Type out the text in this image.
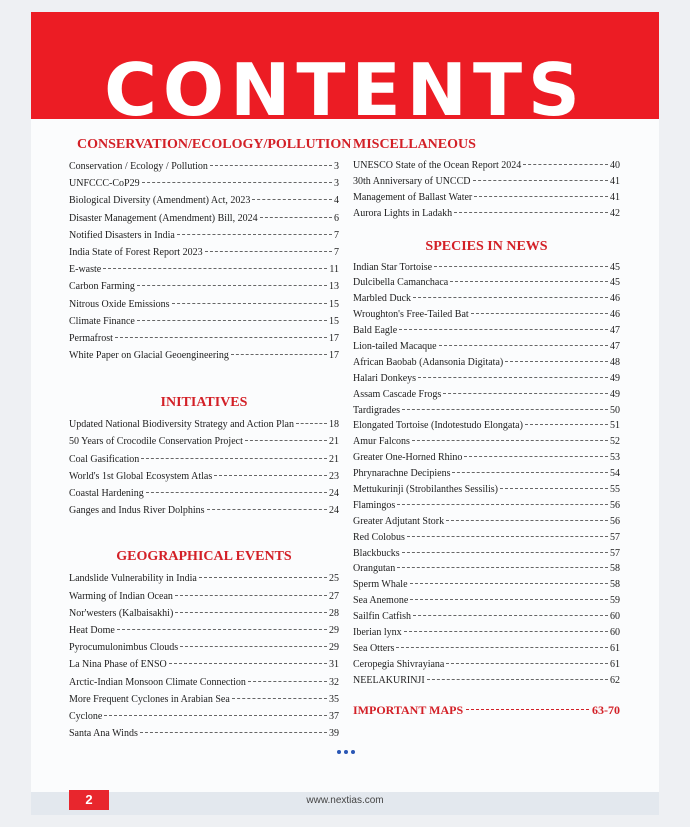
CONTENTS
CONSERVATION/ECOLOGY/POLLUTION
Conservation / Ecology / Pollution	3
UNFCCC-CoP29	3
Biological Diversity (Amendment) Act, 2023	4
Disaster Management (Amendment) Bill, 2024	6
Notified Disasters in India	7
India State of Forest Report 2023	7
E-waste	11
Carbon Farming	13
Nitrous Oxide Emissions	15
Climate Finance	15
Permafrost	17
White Paper on Glacial Geoengineering	17
INITIATIVES
Updated National Biodiversity Strategy and Action Plan	18
50 Years of Crocodile Conservation Project	21
Coal Gasification	21
World's 1st Global Ecosystem Atlas	23
Coastal Hardening	24
Ganges and Indus River Dolphins	24
GEOGRAPHICAL EVENTS
Landslide Vulnerability in India	25
Warming of Indian Ocean	27
Nor'westers (Kalbaisakhi)	28
Heat Dome	29
Pyrocumulonimbus Clouds	29
La Nina Phase of ENSO	31
Arctic-Indian Monsoon Climate Connection	32
More Frequent Cyclones in Arabian Sea	35
Cyclone	37
Santa Ana Winds	39
MISCELLANEOUS
UNESCO State of the Ocean Report 2024	40
30th Anniversary of UNCCD	41
Management of Ballast Water	41
Aurora Lights in Ladakh	42
SPECIES IN NEWS
Indian Star Tortoise	45
Dulcibella Camanchaca	45
Marbled Duck	46
Wroughton's Free-Tailed Bat	46
Bald Eagle	47
Lion-tailed Macaque	47
African Baobab (Adansonia Digitata)	48
Halari Donkeys	49
Assam Cascade Frogs	49
Tardigrades	50
Elongated Tortoise (Indotestudo Elongata)	51
Amur Falcons	52
Greater One-Horned Rhino	53
Phrynarachne Decipiens	54
Mettukurinji (Strobilanthes Sessilis)	55
Flamingos	56
Greater Adjutant Stork	56
Red Colobus	57
Blackbucks	57
Orangutan	58
Sperm Whale	58
Sea Anemone	59
Sailfin Catfish	60
Iberian lynx	60
Sea Otters	61
Ceropegia Shivrayiana	61
NEELAKURINJI	62
IMPORTANT MAPS	63-70
2	www.nextias.com
